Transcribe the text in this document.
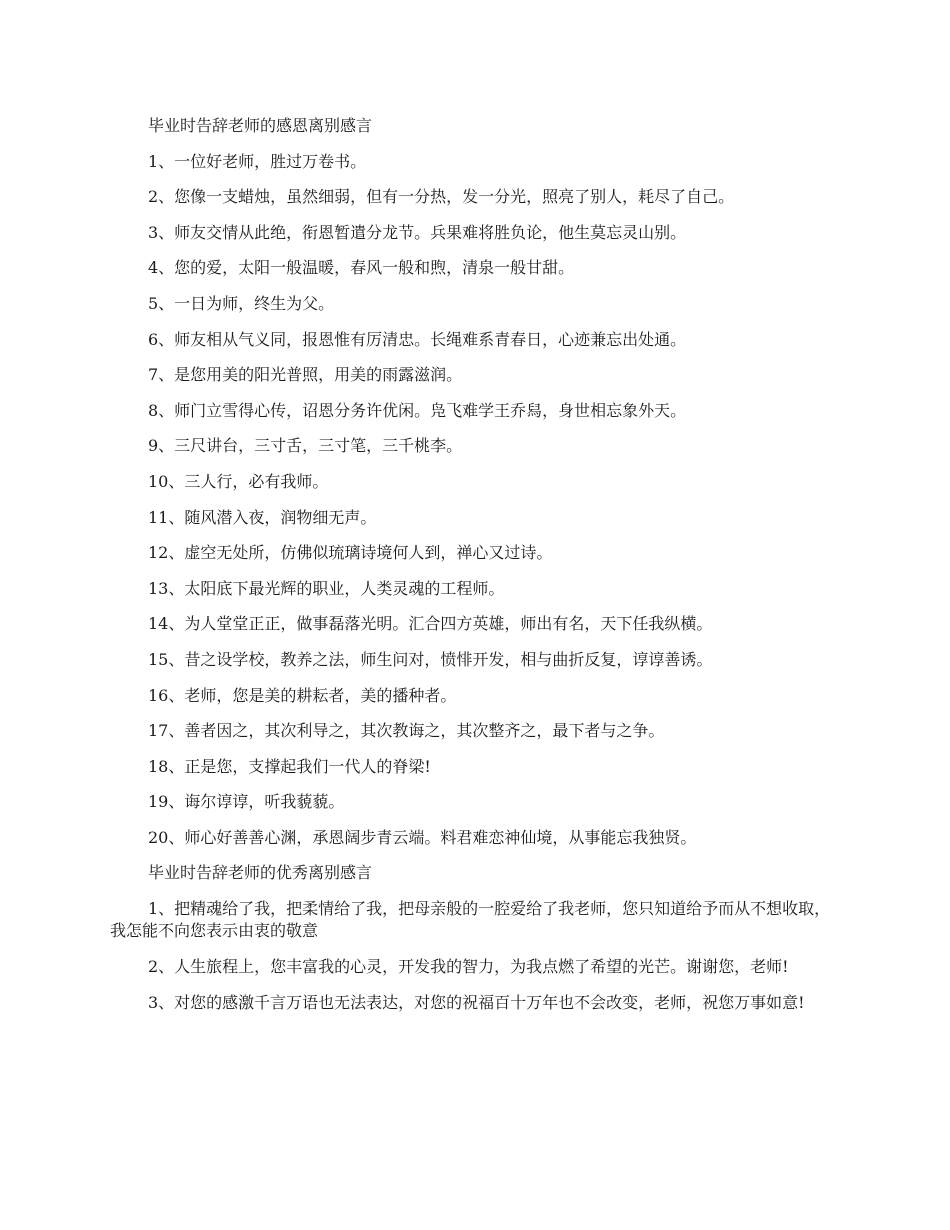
毕业时告辞老师的感恩离别感言

1、一位好老师，胜过万卷书。

2、您像一支蜡烛，虽然细弱，但有一分热，发一分光，照亮了别人，耗尽了自己。

3、师友交情从此绝，衔恩暂遣分龙节。兵果难将胜负论，他生莫忘灵山别。

4、您的爱，太阳一般温暖，春风一般和煦，清泉一般甘甜。

5、一日为师，终生为父。

6、师友相从气义同，报恩惟有厉清忠。长绳难系青春日，心迹兼忘出处通。

7、是您用美的阳光普照，用美的雨露滋润。

8、师门立雪得心传，诏恩分务许优闲。凫飞难学王乔舄，身世相忘象外天。

9、三尺讲台，三寸舌，三寸笔，三千桃李。

10、三人行，必有我师。

11、随风潜入夜，润物细无声。

12、虚空无处所，仿佛似琉璃诗境何人到，禅心又过诗。

13、太阳底下最光辉的职业，人类灵魂的工程师。

14、为人堂堂正正，做事磊落光明。汇合四方英雄，师出有名，天下任我纵横。

15、昔之设学校，教养之法，师生问对，愤悱开发，相与曲折反复，谆谆善诱。

16、老师，您是美的耕耘者，美的播种者。

17、善者因之，其次利导之，其次教诲之，其次整齐之，最下者与之争。

18、正是您，支撑起我们一代人的脊梁!

19、诲尔谆谆，听我藐藐。

20、师心好善善心渊，承恩阔步青云端。料君难恋神仙境，从事能忘我独贤。

毕业时告辞老师的优秀离别感言

1、把精魂给了我，把柔情给了我，把母亲般的一腔爱给了我老师，您只知道给予而从不想收取，我怎能不向您表示由衷的敬意

2、人生旅程上，您丰富我的心灵，开发我的智力，为我点燃了希望的光芒。谢谢您，老师!

3、对您的感激千言万语也无法表达，对您的祝福百十万年也不会改变，老师，祝您万事如意!
